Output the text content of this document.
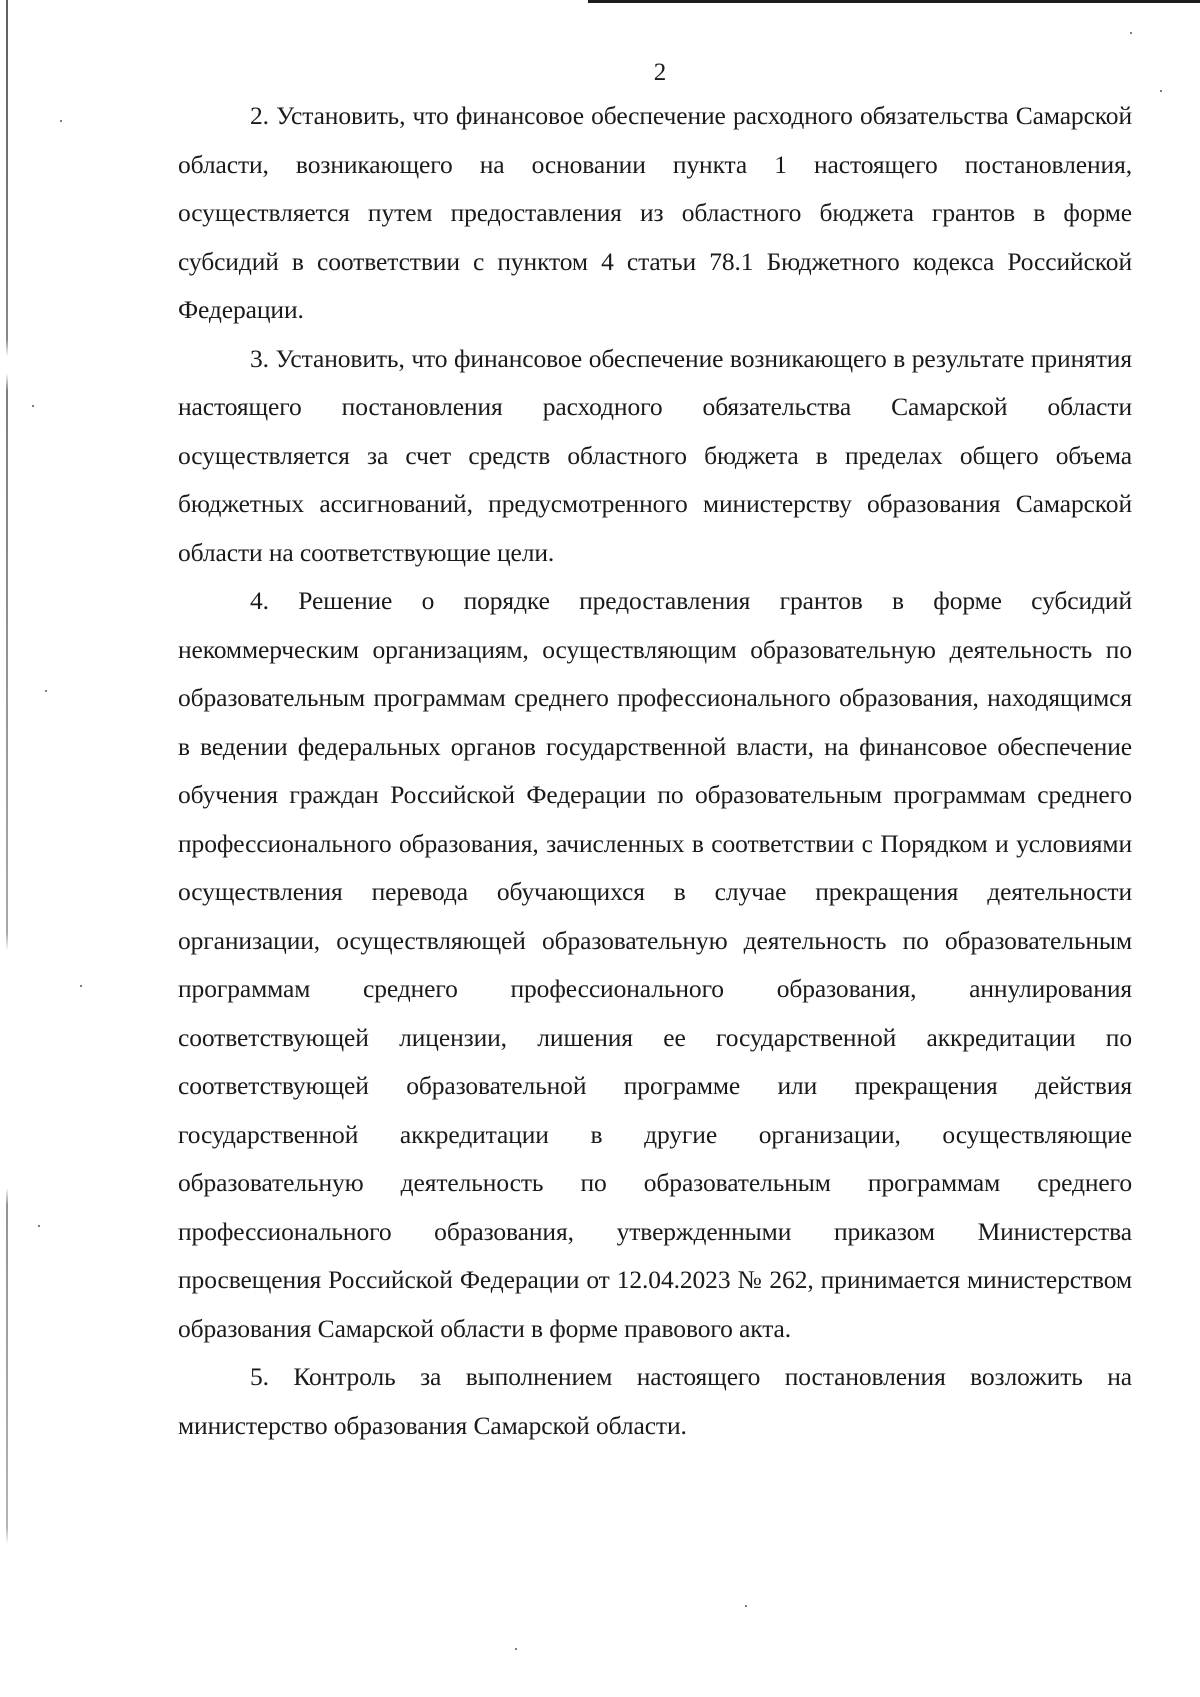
2

2. Установить, что финансовое обеспечение расходного обязательства Самарской области, возникающего на основании пункта 1 настоящего постановления, осуществляется путем предоставления из областного бюджета грантов в форме субсидий в соответствии с пунктом 4 статьи 78.1 Бюджетного кодекса Российской Федерации.

3. Установить, что финансовое обеспечение возникающего в результате принятия настоящего постановления расходного обязательства Самарской области осуществляется за счет средств областного бюджета в пределах общего объема бюджетных ассигнований, предусмотренного министерству образования Самарской области на соответствующие цели.

4. Решение о порядке предоставления грантов в форме субсидий некоммерческим организациям, осуществляющим образовательную деятельность по образовательным программам среднего профессионального образования, находящимся в ведении федеральных органов государственной власти, на финансовое обеспечение обучения граждан Российской Федерации по образовательным программам среднего профессионального образования, зачисленных в соответствии с Порядком и условиями осуществления перевода обучающихся в случае прекращения деятельности организации, осуществляющей образовательную деятельность по образовательным программам среднего профессионального образования, аннулирования соответствующей лицензии, лишения ее государственной аккредитации по соответствующей образовательной программе или прекращения действия государственной аккредитации в другие организации, осуществляющие образовательную деятельность по образовательным программам среднего профессионального образования, утвержденными приказом Министерства просвещения Российской Федерации от 12.04.2023 № 262, принимается министерством образования Самарской области в форме правового акта.

5. Контроль за выполнением настоящего постановления возложить на министерство образования Самарской области.
